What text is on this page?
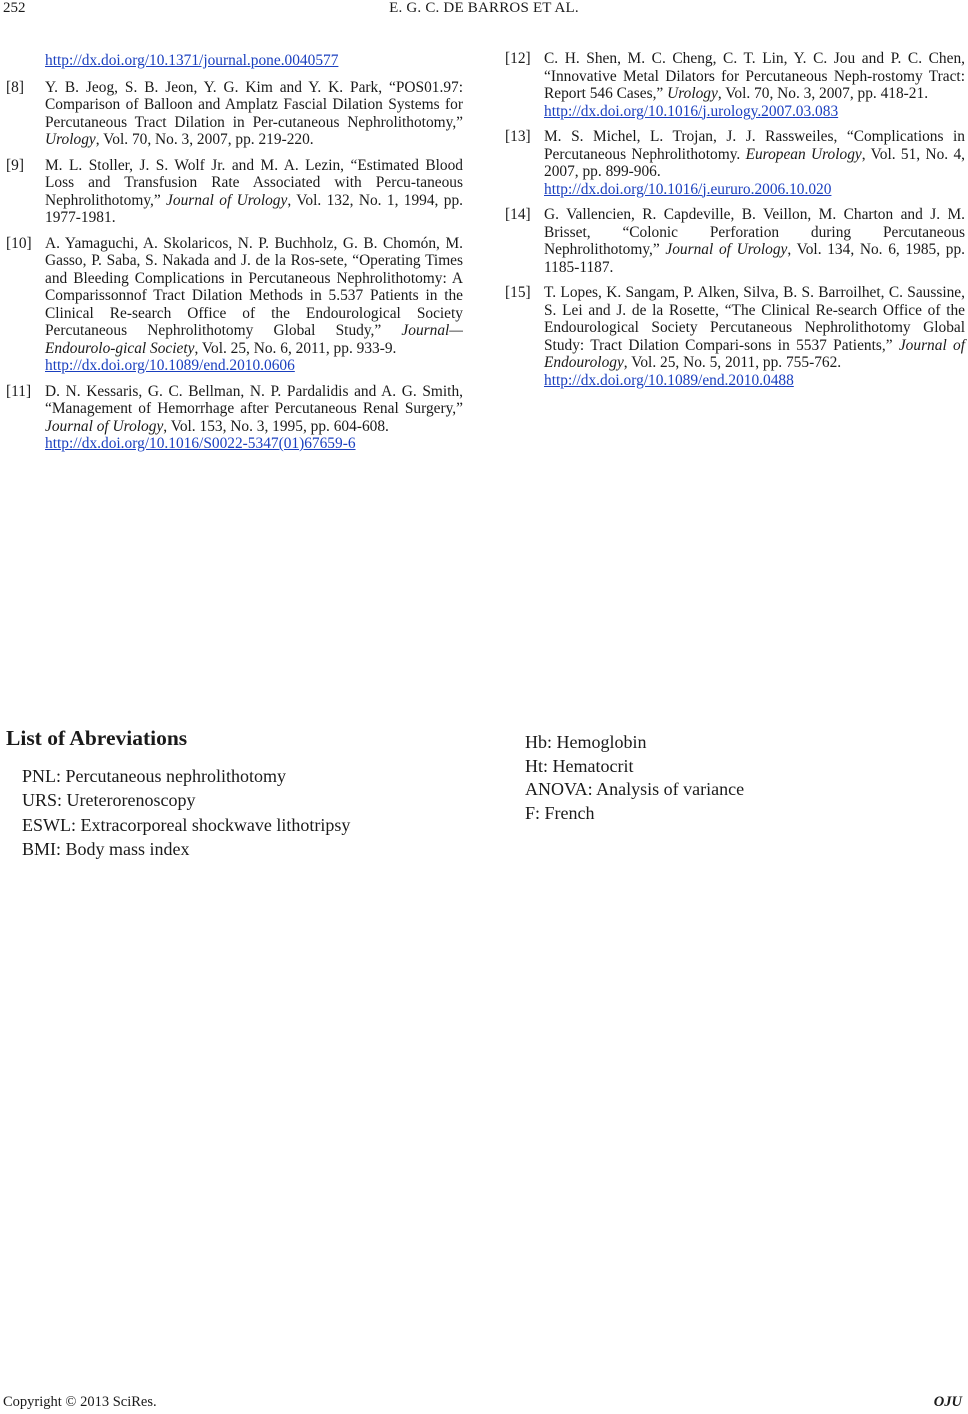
252	E. G. C. DE BARROS ET AL.
http://dx.doi.org/10.1371/journal.pone.0040577
[8] Y. B. Jeog, S. B. Jeon, Y. G. Kim and Y. K. Park, “POS01.97: Comparison of Balloon and Amplatz Fascial Dilation Systems for Percutaneous Tract Dilation in Per-cutaneous Nephrolithotomy,” Urology, Vol. 70, No. 3, 2007, pp. 219-220.
[9] M. L. Stoller, J. S. Wolf Jr. and M. A. Lezin, “Estimated Blood Loss and Transfusion Rate Associated with Percu-taneous Nephrolithotomy,” Journal of Urology, Vol. 132, No. 1, 1994, pp. 1977-1981.
[10] A. Yamaguchi, A. Skolaricos, N. P. Buchholz, G. B. Chomón, M. Gasso, P. Saba, S. Nakada and J. de la Ros-sete, “Operating Times and Bleeding Complications in Percutaneous Nephrolithotomy: A Comparissonnof Tract Dilation Methods in 5.537 Patients in the Clinical Re-search Office of the Endourological Society Percutaneous Nephrolithotomy Global Study,” Journal—Endourolo-gical Society, Vol. 25, No. 6, 2011, pp. 933-9.
http://dx.doi.org/10.1089/end.2010.0606
[11] D. N. Kessaris, G. C. Bellman, N. P. Pardalidis and A. G. Smith, “Management of Hemorrhage after Percutaneous Renal Surgery,” Journal of Urology, Vol. 153, No. 3, 1995, pp. 604-608.
http://dx.doi.org/10.1016/S0022-5347(01)67659-6
[12] C. H. Shen, M. C. Cheng, C. T. Lin, Y. C. Jou and P. C. Chen, “Innovative Metal Dilators for Percutaneous Neph-rostomy Tract: Report 546 Cases,” Urology, Vol. 70, No. 3, 2007, pp. 418-21.
http://dx.doi.org/10.1016/j.urology.2007.03.083
[13] M. S. Michel, L. Trojan, J. J. Rassweiles, “Complications in Percutaneous Nephrolithotomy. European Urology, Vol. 51, No. 4, 2007, pp. 899-906.
http://dx.doi.org/10.1016/j.eururo.2006.10.020
[14] G. Vallencien, R. Capdeville, B. Veillon, M. Charton and J. M. Brisset, “Colonic Perforation during Percutaneous Nephrolithotomy,” Journal of Urology, Vol. 134, No. 6, 1985, pp. 1185-1187.
[15] T. Lopes, K. Sangam, P. Alken, Silva, B. S. Barroilhet, C. Saussine, S. Lei and J. de la Rosette, “The Clinical Re-search Office of the Endourological Society Percutaneous Nephrolithotomy Global Study: Tract Dilation Compari-sons in 5537 Patients,” Journal of Endourology, Vol. 25, No. 5, 2011, pp. 755-762.
http://dx.doi.org/10.1089/end.2010.0488
List of Abreviations
PNL: Percutaneous nephrolithotomy
URS: Ureterorenoscopy
ESWL: Extracorporeal shockwave lithotripsy
BMI: Body mass index
Hb: Hemoglobin
Ht: Hematocrit
ANOVA: Analysis of variance
F: French
Copyright © 2013 SciRes.	OJU
